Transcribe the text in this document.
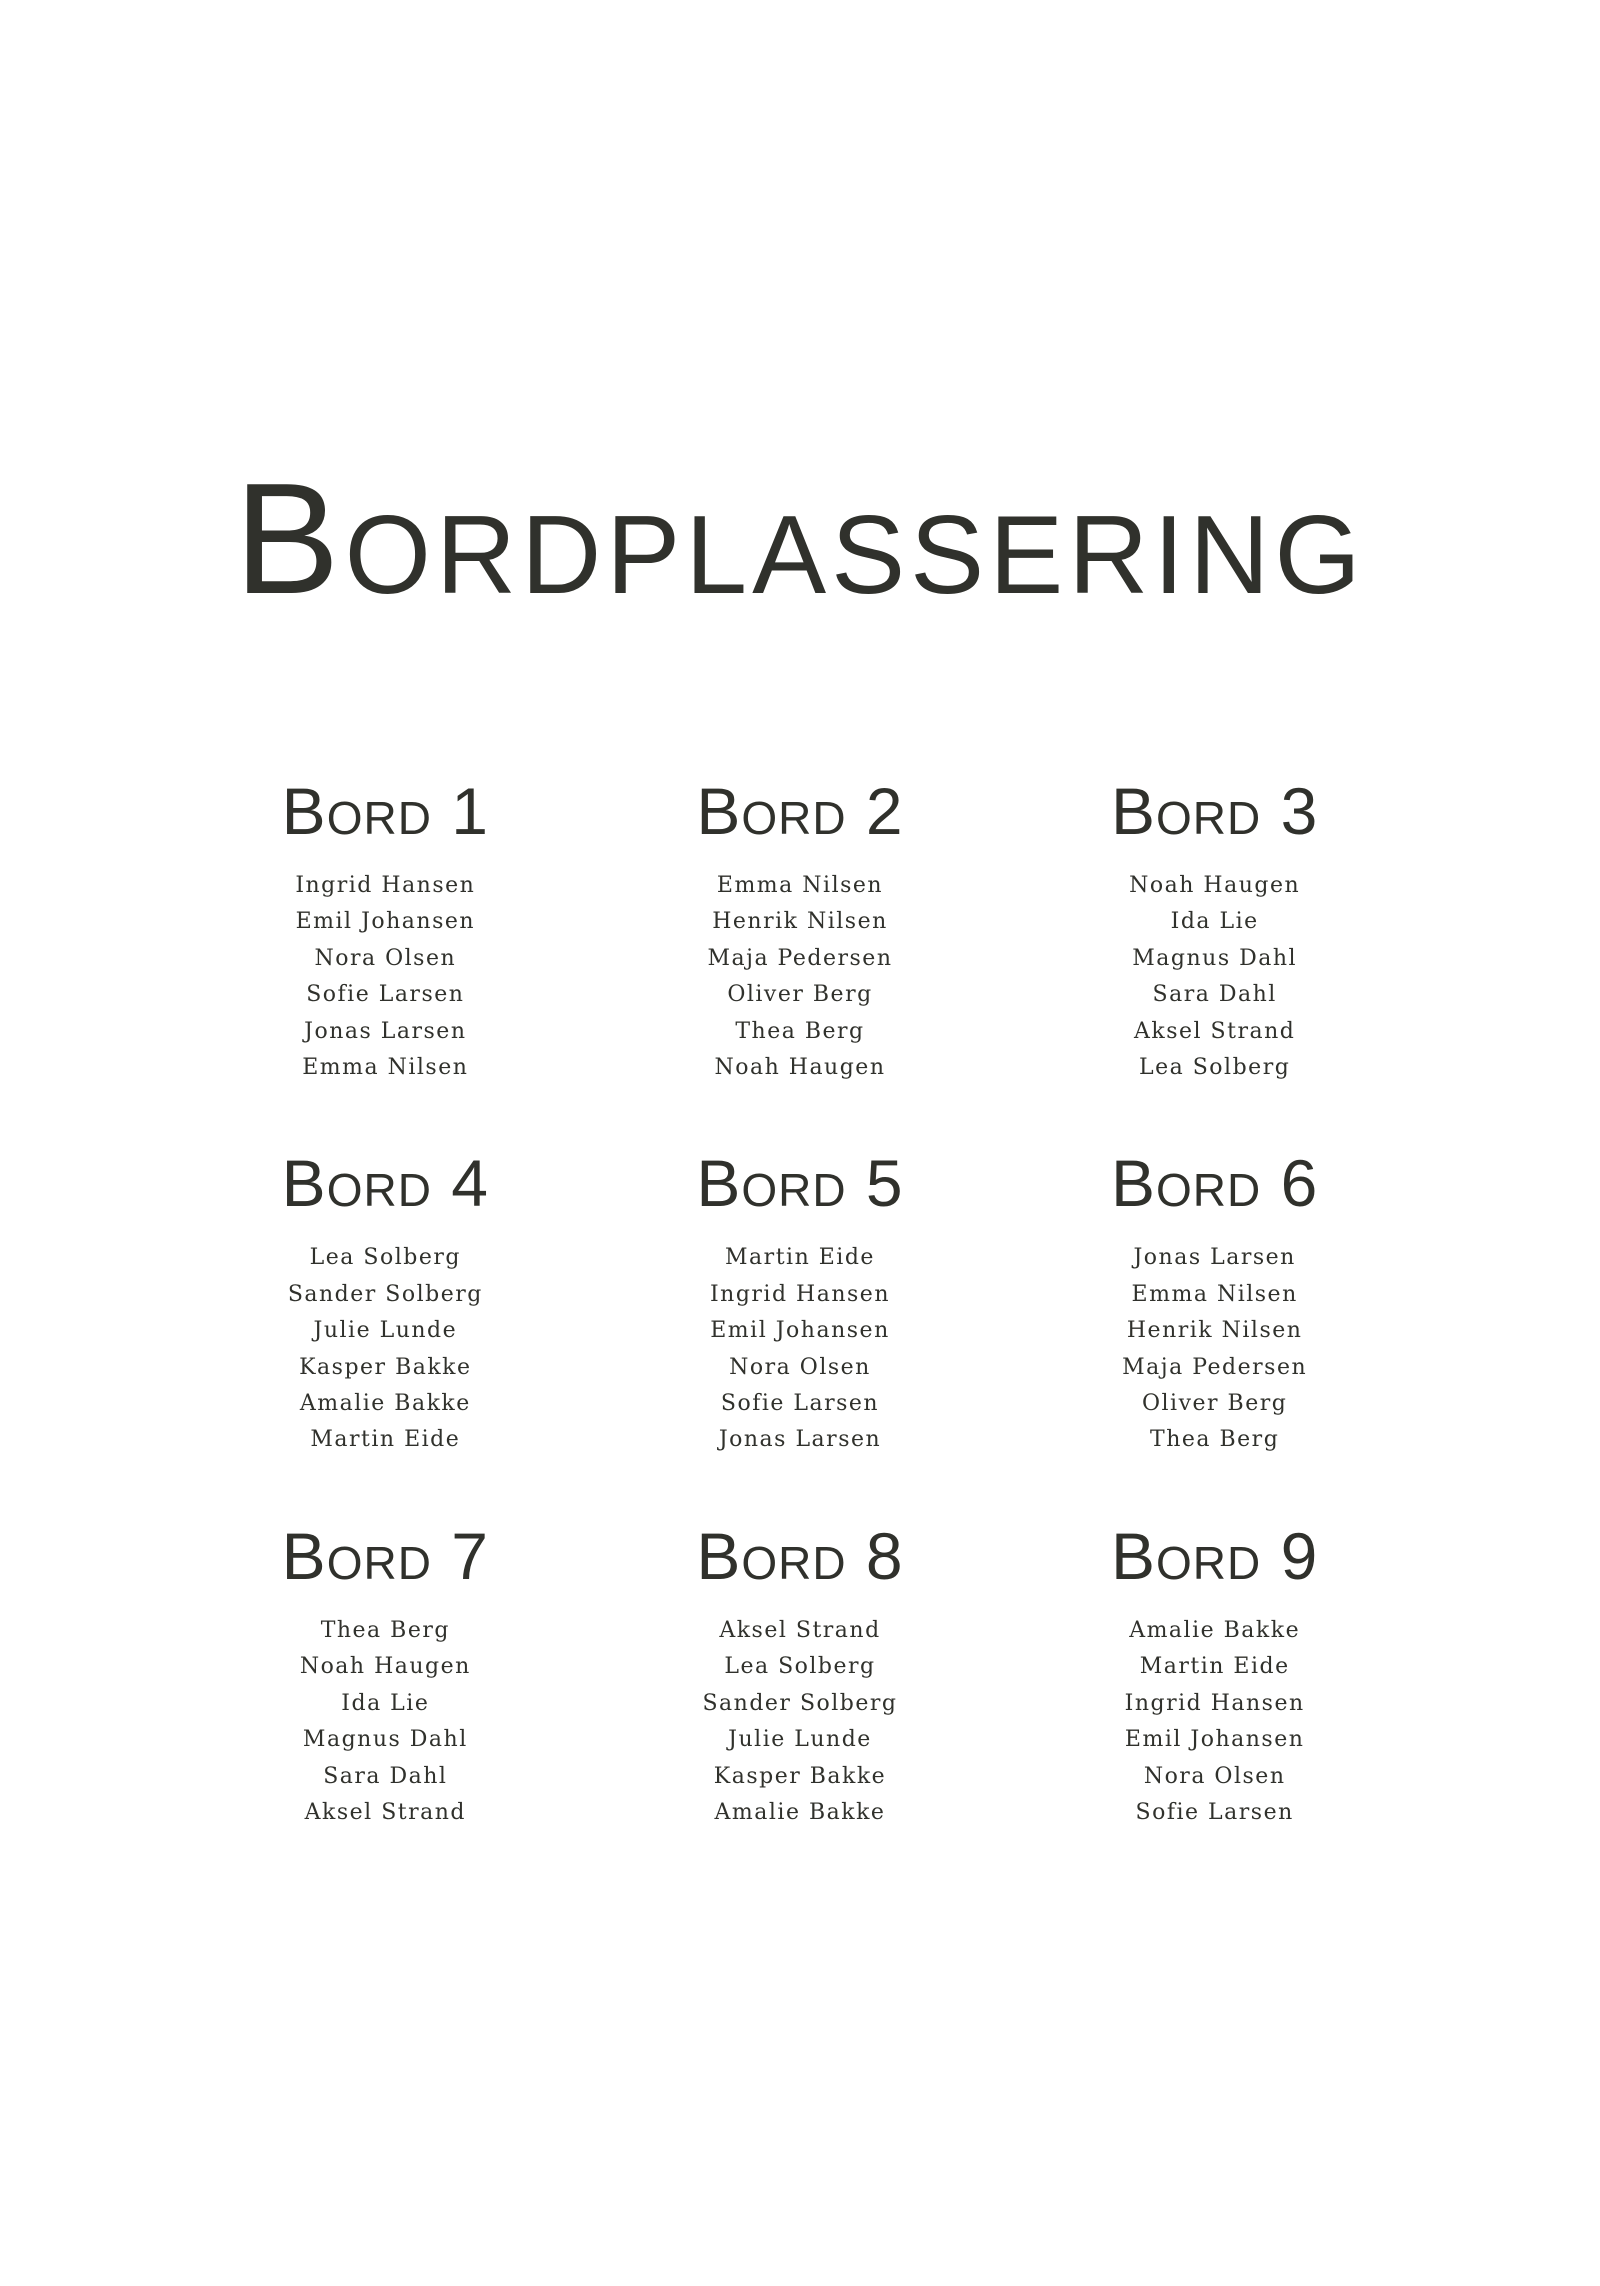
Bordplassering
Bord 1
Ingrid Hansen
Emil Johansen
Nora Olsen
Sofie Larsen
Jonas Larsen
Emma Nilsen
Bord 2
Emma Nilsen
Henrik Nilsen
Maja Pedersen
Oliver Berg
Thea Berg
Noah Haugen
Bord 3
Noah Haugen
Ida Lie
Magnus Dahl
Sara Dahl
Aksel Strand
Lea Solberg
Bord 4
Lea Solberg
Sander Solberg
Julie Lunde
Kasper Bakke
Amalie Bakke
Martin Eide
Bord 5
Martin Eide
Ingrid Hansen
Emil Johansen
Nora Olsen
Sofie Larsen
Jonas Larsen
Bord 6
Jonas Larsen
Emma Nilsen
Henrik Nilsen
Maja Pedersen
Oliver Berg
Thea Berg
Bord 7
Thea Berg
Noah Haugen
Ida Lie
Magnus Dahl
Sara Dahl
Aksel Strand
Bord 8
Aksel Strand
Lea Solberg
Sander Solberg
Julie Lunde
Kasper Bakke
Amalie Bakke
Bord 9
Amalie Bakke
Martin Eide
Ingrid Hansen
Emil Johansen
Nora Olsen
Sofie Larsen
